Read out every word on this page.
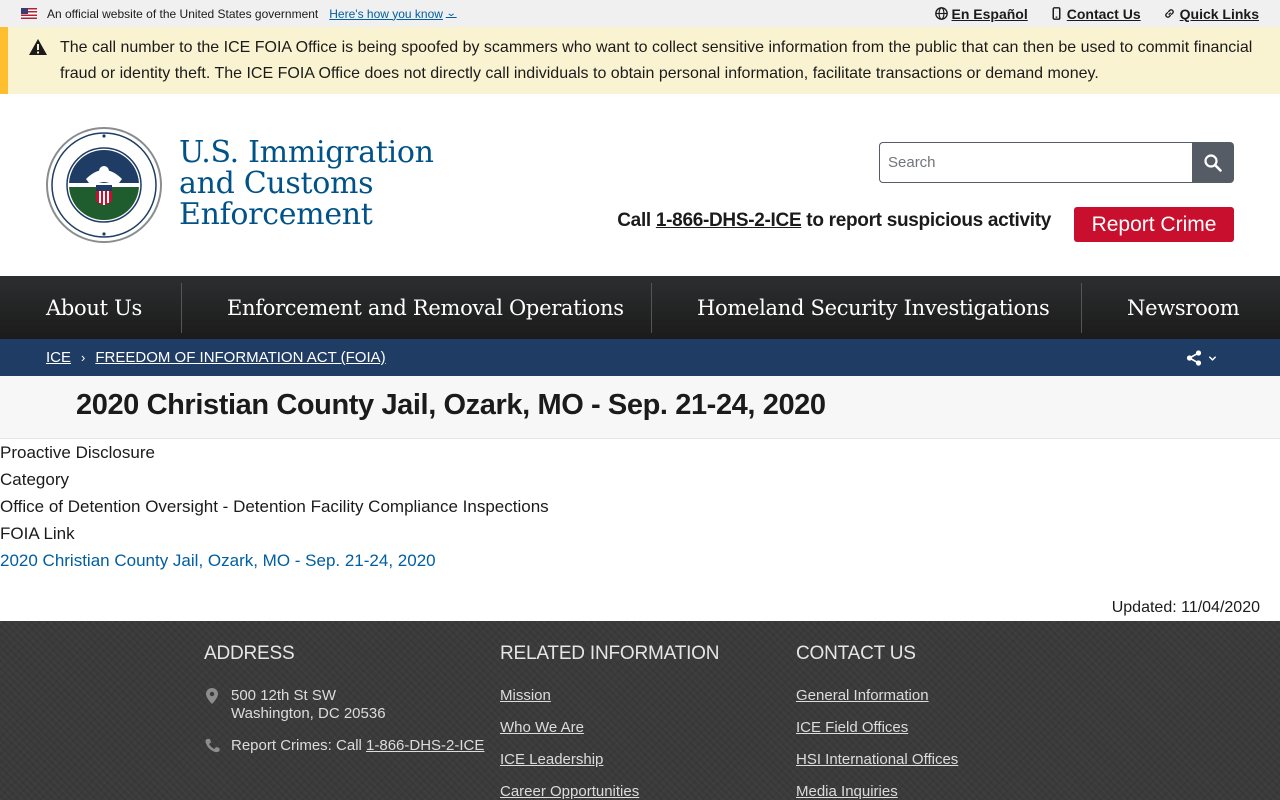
An official website of the United States government Here's how you know ⌄	En Español	Contact Us	Quick Links
The call number to the ICE FOIA Office is being spoofed by scammers who want to collect sensitive information from the public that can then be used to commit financial fraud or identity theft. The ICE FOIA Office does not directly call individuals to obtain personal information, facilitate transactions or demand money.
U.S. Immigration
and Customs
Enforcement
Search	Call 1-866-DHS-2-ICE to report suspicious activity	Report Crime
About Us	Enforcement and Removal Operations	Homeland Security Investigations	Newsroom
ICE › FREEDOM OF INFORMATION ACT (FOIA)
2020 Christian County Jail, Ozark, MO - Sep. 21-24, 2020
Proactive Disclosure
Category
Office of Detention Oversight - Detention Facility Compliance Inspections
FOIA Link
2020 Christian County Jail, Ozark, MO - Sep. 21-24, 2020
Updated: 11/04/2020
ADDRESS
500 12th St SW
Washington, DC 20536
Report Crimes: Call 1-866-DHS-2-ICE
RELATED INFORMATION
Mission
Who We Are
ICE Leadership
Career Opportunities
CONTACT US
General Information
ICE Field Offices
HSI International Offices
Media Inquiries
